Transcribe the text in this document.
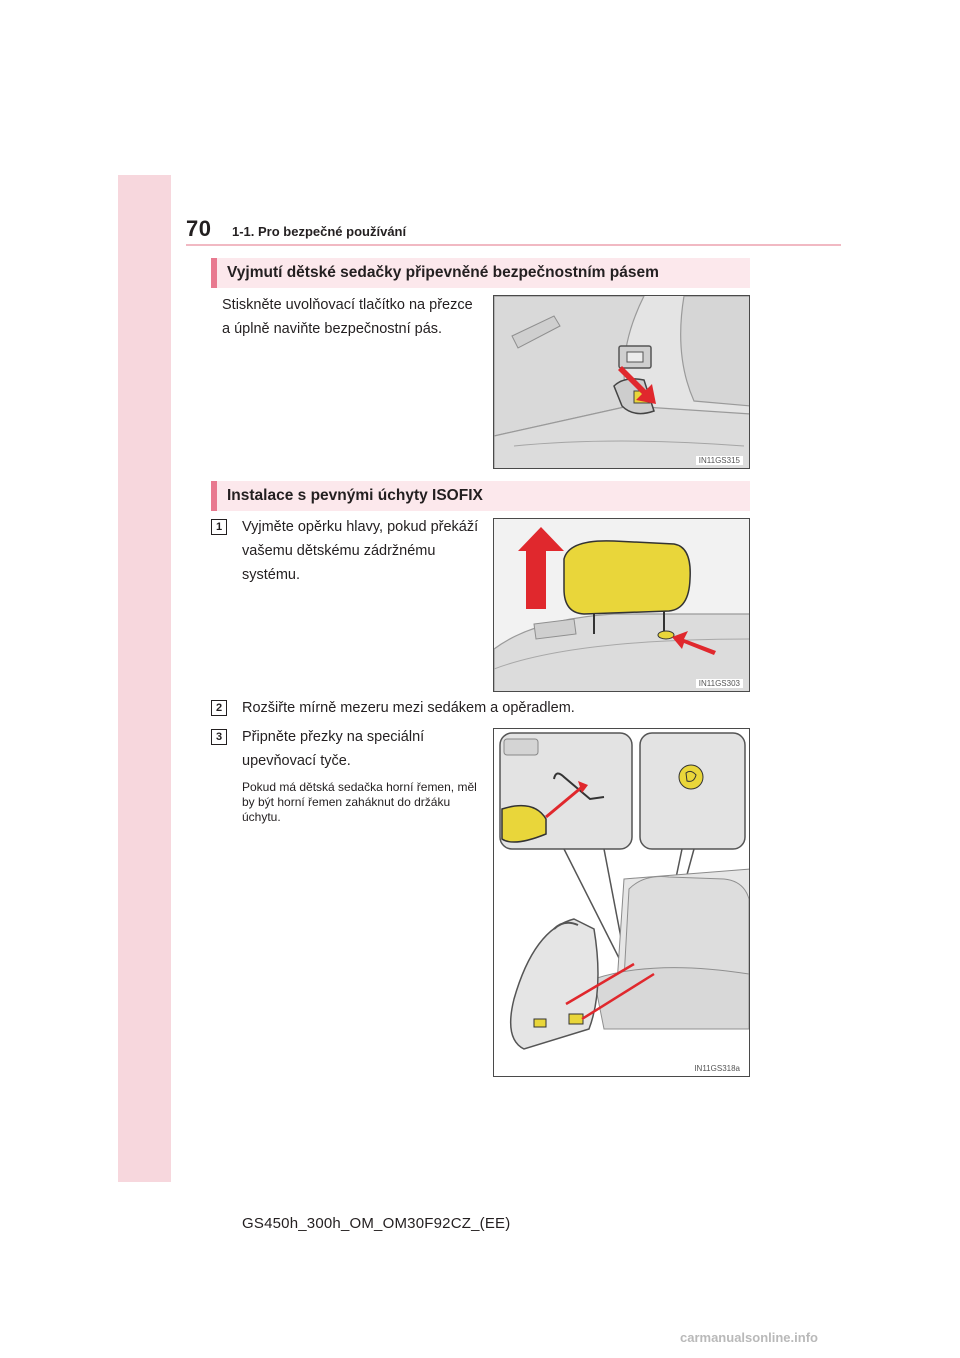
70 1-1. Pro bezpečné používání
Vyjmutí dětské sedačky připevněné bezpečnostním pásem
Stiskněte uvolňovací tlačítko na přezce a úplně naviňte bezpečnostní pás.
IN11GS315
Instalace s pevnými úchyty ISOFIX
1	Vyjměte opěrku hlavy, pokud překáží vašemu dětskému zádržnému systému.
IN11GS303
2	Rozšiřte mírně mezeru mezi sedákem a opěradlem.
3	Připněte přezky na speciální upevňovací tyče.
Pokud má dětská sedačka horní řemen, měl by být horní řemen zaháknut do držáku úchytu.
IN11GS318a
GS450h_300h_OM_OM30F92CZ_(EE)
carmanualsonline.info
